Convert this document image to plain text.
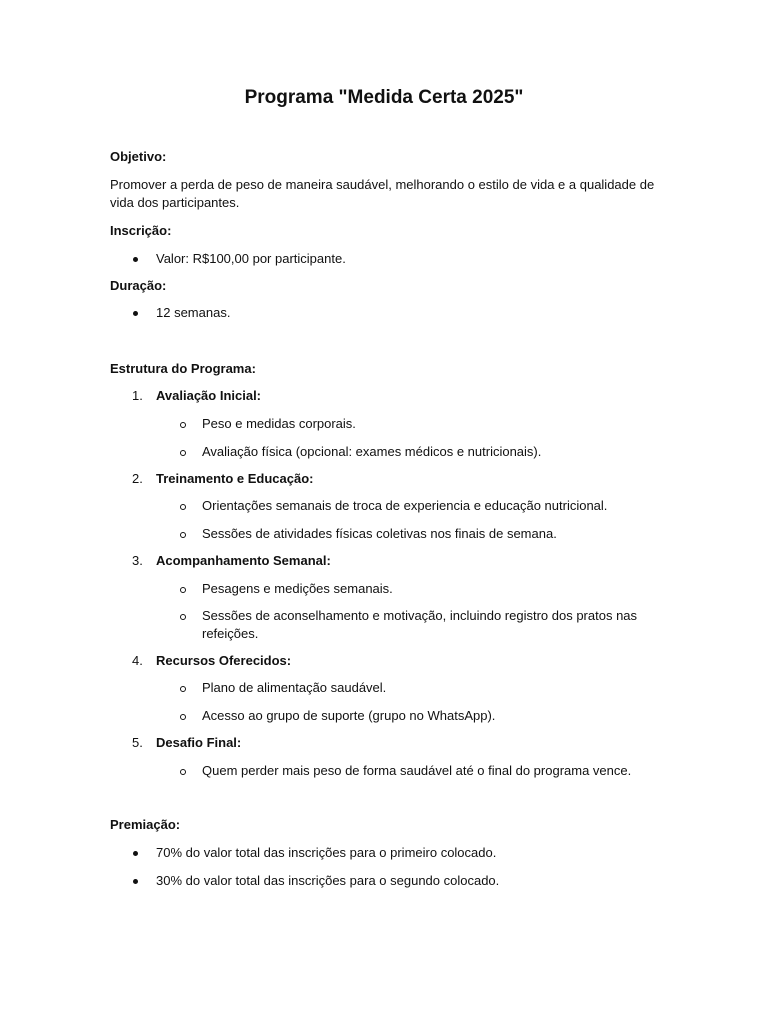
Programa "Medida Certa 2025"

Objetivo:

Promover a perda de peso de maneira saudável, melhorando o estilo de vida e a qualidade de vida dos participantes.

Inscrição:

Valor: R$100,00 por participante.

Duração:

12 semanas.

Estrutura do Programa:

1. Avaliação Inicial:
Peso e medidas corporais.
Avaliação física (opcional: exames médicos e nutricionais).
2. Treinamento e Educação:
Orientações semanais de troca de experiencia e educação nutricional.
Sessões de atividades físicas coletivas nos finais de semana.
3. Acompanhamento Semanal:
Pesagens e medições semanais.
Sessões de aconselhamento e motivação, incluindo registro dos pratos nas refeições.
4. Recursos Oferecidos:
Plano de alimentação saudável.
Acesso ao grupo de suporte (grupo no WhatsApp).
5. Desafio Final:
Quem perder mais peso de forma saudável até o final do programa vence.

Premiação:

70% do valor total das inscrições para o primeiro colocado.
30% do valor total das inscrições para o segundo colocado.
